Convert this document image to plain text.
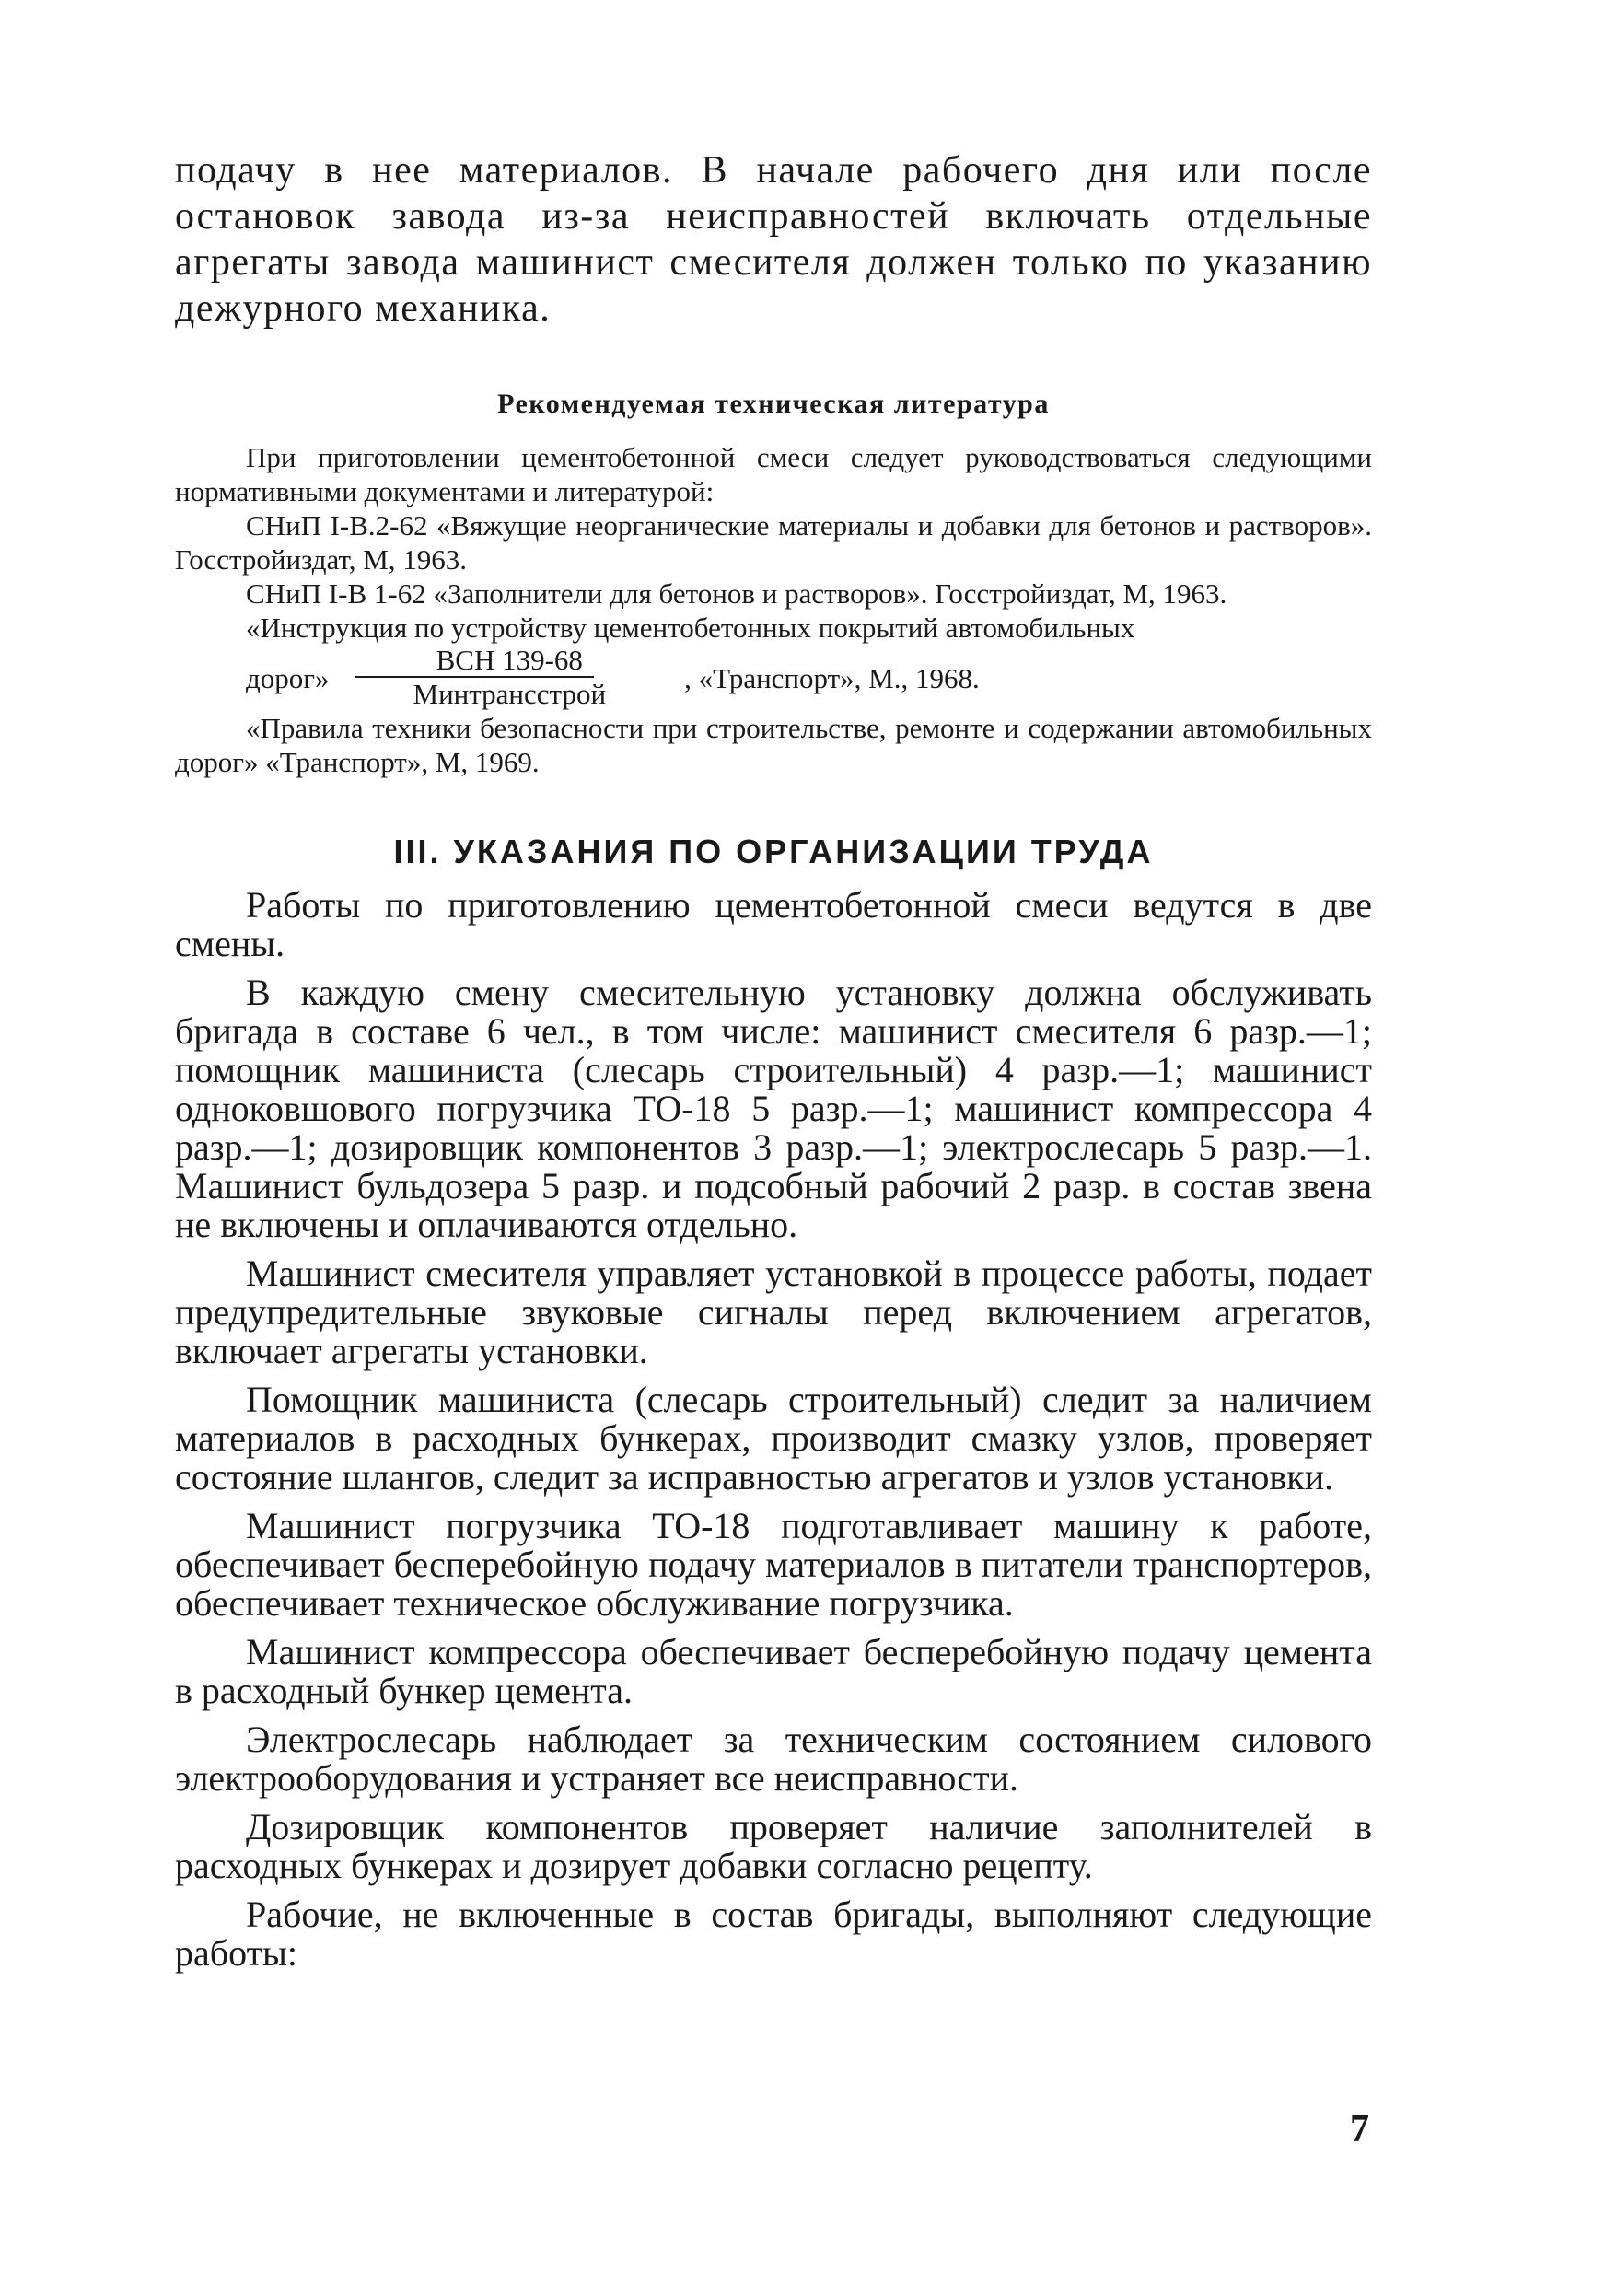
подачу в нее материалов. В начале рабочего дня или после остановок завода из-за неисправностей включать отдельные агрегаты завода машинист смесителя должен только по указанию дежурного механика.

Рекомендуемая техническая литература

При приготовлении цементобетонной смеси следует руководствоваться следующими нормативными документами и литературой:

СНиП I-В.2-62 «Вяжущие неорганические материалы и добавки для бетонов и растворов». Госстройиздат, М, 1963.

СНиП I-В 1-62 «Заполнители для бетонов и растворов». Госстройиздат, М, 1963.

«Инструкция по устройству цементобетонных покрытий автомобильных

дорог» $\frac{\text{ВСН 139-68}}{\text{Минтрансстрой}}$	, «Транспорт», М., 1968.

«Правила техники безопасности при строительстве, ремонте и содержании автомобильных дорог» «Транспорт», М, 1969.

III. УКАЗАНИЯ ПО ОРГАНИЗАЦИИ ТРУДА

Работы по приготовлению цементобетонной смеси ведутся в две смены.

В каждую смену смесительную установку должна обслуживать бригада в составе 6 чел., в том числе: машинист смесителя 6 разр.—1; помощник машиниста (слесарь строительный) 4 разр.—1; машинист одноковшового погрузчика ТО-18 5 разр.—1; машинист компрессора 4 разр.—1; дозировщик компонентов 3 разр.—1; электрослесарь 5 разр.—1. Машинист бульдозера 5 разр. и подсобный рабочий 2 разр. в состав звена не включены и оплачиваются отдельно.

Машинист смесителя управляет установкой в процессе работы, подает предупредительные звуковые сигналы перед включением агрегатов, включает агрегаты установки.

Помощник машиниста (слесарь строительный) следит за наличием материалов в расходных бункерах, производит смазку узлов, проверяет состояние шлангов, следит за исправностью агрегатов и узлов установки.

Машинист погрузчика ТО-18 подготавливает машину к работе, обеспечивает бесперебойную подачу материалов в питатели транспортеров, обеспечивает техническое обслуживание погрузчика.

Машинист компрессора обеспечивает бесперебойную подачу цемента в расходный бункер цемента.

Электрослесарь наблюдает за техническим состоянием силового электрооборудования и устраняет все неисправности.

Дозировщик компонентов проверяет наличие заполнителей в расходных бункерах и дозирует добавки согласно рецепту.

Рабочие, не включенные в состав бригады, выполняют следующие работы:

7
